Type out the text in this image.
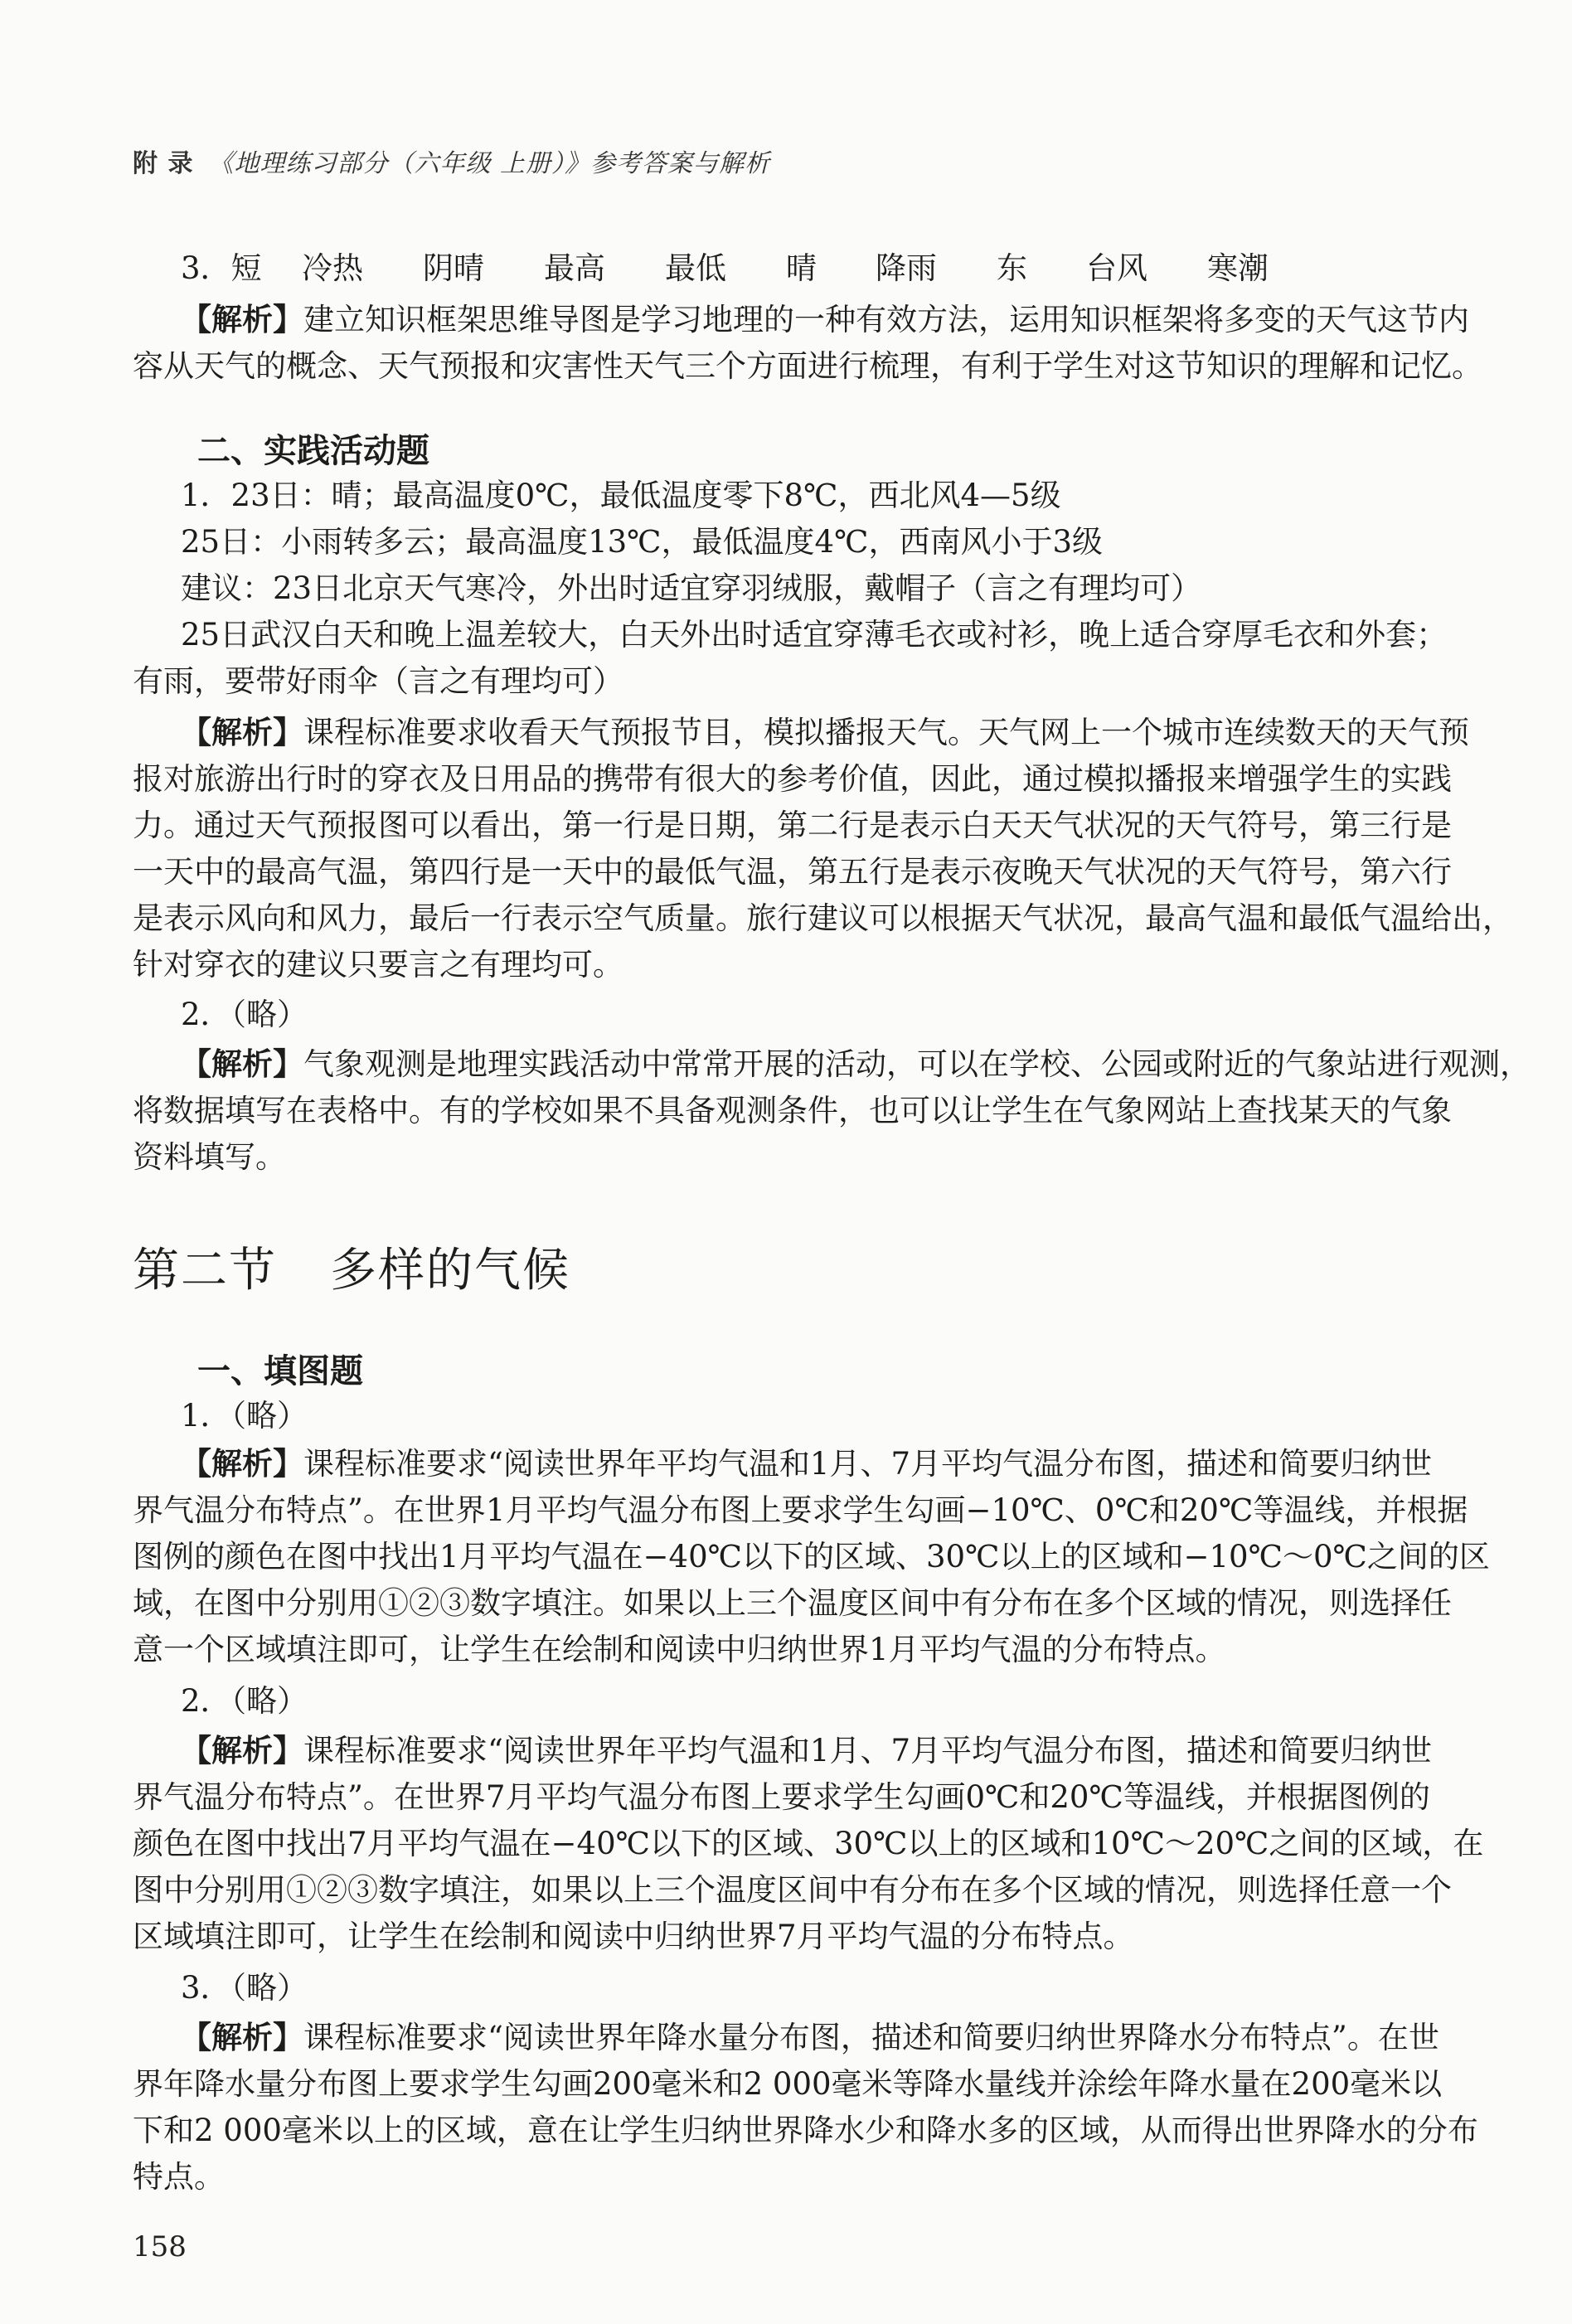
附 录 《地理练习部分（六年级 上册）》参考答案与解析
3．短 冷热 阴晴 最高 最低 晴 降雨 东 台风 寒潮
【解析】建立知识框架思维导图是学习地理的一种有效方法，运用知识框架将多变的天气这节内
容从天气的概念、天气预报和灾害性天气三个方面进行梳理，有利于学生对这节知识的理解和记忆。
二、实践活动题
1．23日：晴；最高温度0℃，最低温度零下8℃，西北风4—5级
25日：小雨转多云；最高温度13℃，最低温度4℃，西南风小于3级
建议：23日北京天气寒冷，外出时适宜穿羽绒服，戴帽子（言之有理均可）
25日武汉白天和晚上温差较大，白天外出时适宜穿薄毛衣或衬衫，晚上适合穿厚毛衣和外套；
有雨，要带好雨伞（言之有理均可）
【解析】课程标准要求收看天气预报节目，模拟播报天气。天气网上一个城市连续数天的天气预
报对旅游出行时的穿衣及日用品的携带有很大的参考价值，因此，通过模拟播报来增强学生的实践
力。通过天气预报图可以看出，第一行是日期，第二行是表示白天天气状况的天气符号，第三行是
一天中的最高气温，第四行是一天中的最低气温，第五行是表示夜晚天气状况的天气符号，第六行
是表示风向和风力，最后一行表示空气质量。旅行建议可以根据天气状况，最高气温和最低气温给出，
针对穿衣的建议只要言之有理均可。
2．（略）
【解析】气象观测是地理实践活动中常常开展的活动，可以在学校、公园或附近的气象站进行观测，
将数据填写在表格中。有的学校如果不具备观测条件，也可以让学生在气象网站上查找某天的气象
资料填写。
第二节 多样的气候
一、填图题
1．（略）
【解析】课程标准要求“阅读世界年平均气温和1月、7月平均气温分布图，描述和简要归纳世
界气温分布特点”。在世界1月平均气温分布图上要求学生勾画−10℃、0℃和20℃等温线，并根据
图例的颜色在图中找出1月平均气温在−40℃以下的区域、30℃以上的区域和−10℃～0℃之间的区
域，在图中分别用①②③数字填注。如果以上三个温度区间中有分布在多个区域的情况，则选择任
意一个区域填注即可，让学生在绘制和阅读中归纳世界1月平均气温的分布特点。
2．（略）
【解析】课程标准要求“阅读世界年平均气温和1月、7月平均气温分布图，描述和简要归纳世
界气温分布特点”。在世界7月平均气温分布图上要求学生勾画0℃和20℃等温线，并根据图例的
颜色在图中找出7月平均气温在−40℃以下的区域、30℃以上的区域和10℃～20℃之间的区域，在
图中分别用①②③数字填注，如果以上三个温度区间中有分布在多个区域的情况，则选择任意一个
区域填注即可，让学生在绘制和阅读中归纳世界7月平均气温的分布特点。
3．（略）
【解析】课程标准要求“阅读世界年降水量分布图，描述和简要归纳世界降水分布特点”。在世
界年降水量分布图上要求学生勾画200毫米和2 000毫米等降水量线并涂绘年降水量在200毫米以
下和2 000毫米以上的区域，意在让学生归纳世界降水少和降水多的区域，从而得出世界降水的分布
特点。
158
